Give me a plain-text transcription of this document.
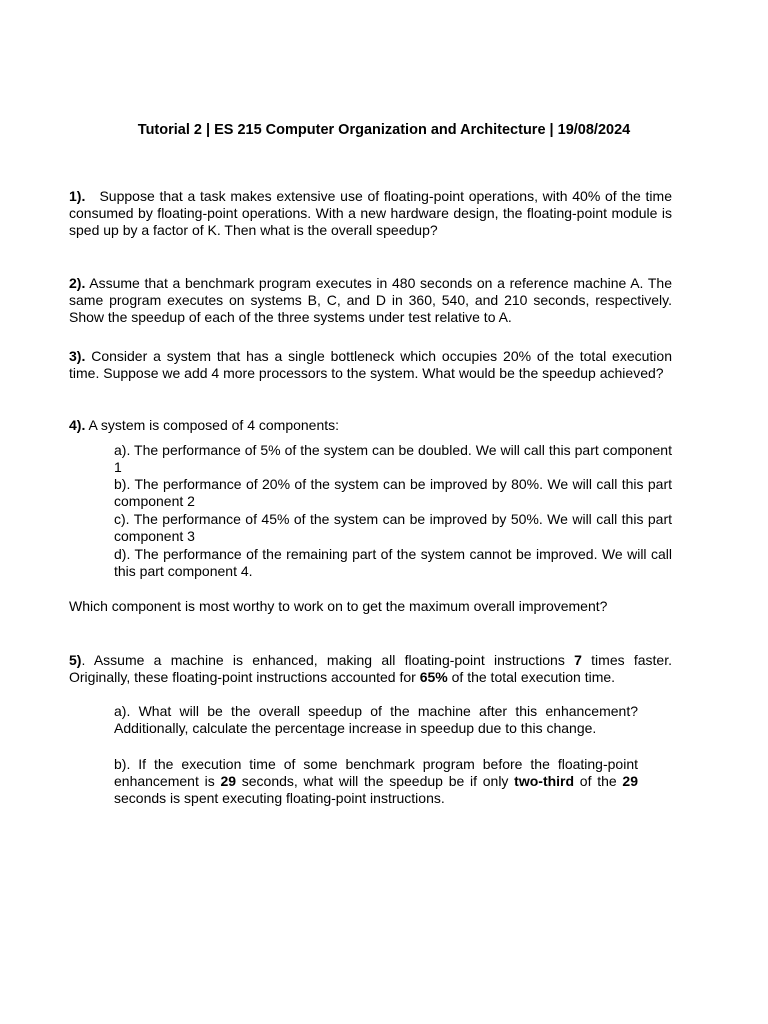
Tutorial 2 | ES 215 Computer Organization and Architecture | 19/08/2024
1). Suppose that a task makes extensive use of floating-point operations, with 40% of the time consumed by floating-point operations. With a new hardware design, the floating-point module is sped up by a factor of K. Then what is the overall speedup?
2). Assume that a benchmark program executes in 480 seconds on a reference machine A. The same program executes on systems B, C, and D in 360, 540, and 210 seconds, respectively. Show the speedup of each of the three systems under test relative to A.
3). Consider a system that has a single bottleneck which occupies 20% of the total execution time. Suppose we add 4 more processors to the system. What would be the speedup achieved?
4). A system is composed of 4 components:
a). The performance of 5% of the system can be doubled. We will call this part component 1
b). The performance of 20% of the system can be improved by 80%. We will call this part component 2
c). The performance of 45% of the system can be improved by 50%. We will call this part component 3
d). The performance of the remaining part of the system cannot be improved. We will call this part component 4.
Which component is most worthy to work on to get the maximum overall improvement?
5). Assume a machine is enhanced, making all floating-point instructions 7 times faster. Originally, these floating-point instructions accounted for 65% of the total execution time.
a). What will be the overall speedup of the machine after this enhancement? Additionally, calculate the percentage increase in speedup due to this change.
b). If the execution time of some benchmark program before the floating-point enhancement is 29 seconds, what will the speedup be if only two-third of the 29 seconds is spent executing floating-point instructions.
